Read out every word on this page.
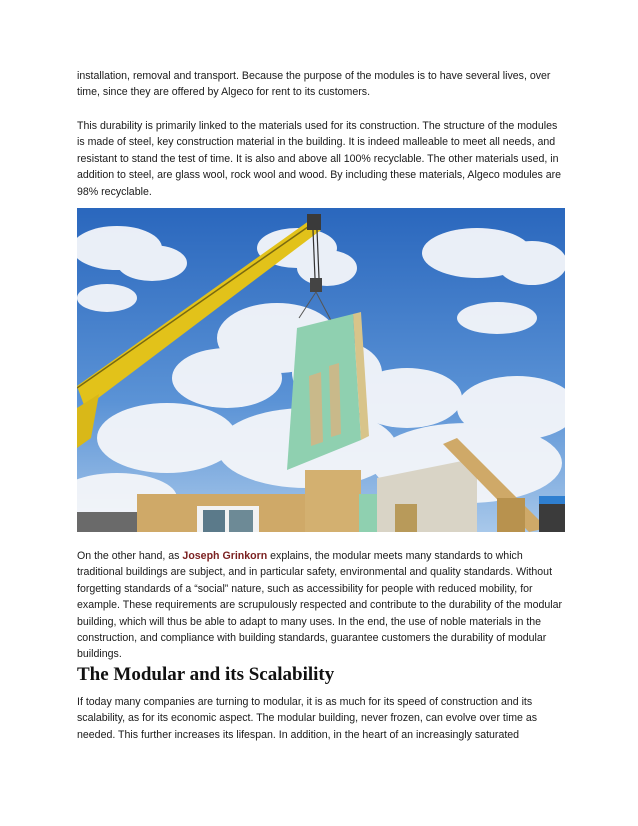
installation, removal and transport. Because the purpose of the modules is to have several lives, over time, since they are offered by Algeco for rent to its customers.

This durability is primarily linked to the materials used for its construction. The structure of the modules is made of steel, key construction material in the building. It is indeed malleable to meet all needs, and resistant to stand the test of time. It is also and above all 100% recyclable. The other materials used, in addition to steel, are glass wool, rock wool and wood. By including these materials, Algeco modules are 98% recyclable.

On the other hand, as Joseph Grinkorn explains, the modular meets many standards to which traditional buildings are subject, and in particular safety, environmental and quality standards. Without forgetting standards of a “social” nature, such as accessibility for people with reduced mobility, for example. These requirements are scrupulously respected and contribute to the durability of the modular building, which will thus be able to adapt to many uses. In the end, the use of noble materials in the construction, and compliance with building standards, guarantee customers the durability of modular buildings.

The Modular and its Scalability

If today many companies are turning to modular, it is as much for its speed of construction and its scalability, as for its economic aspect. The modular building, never frozen, can evolve over time as needed. This further increases its lifespan. In addition, in the heart of an increasingly saturated
